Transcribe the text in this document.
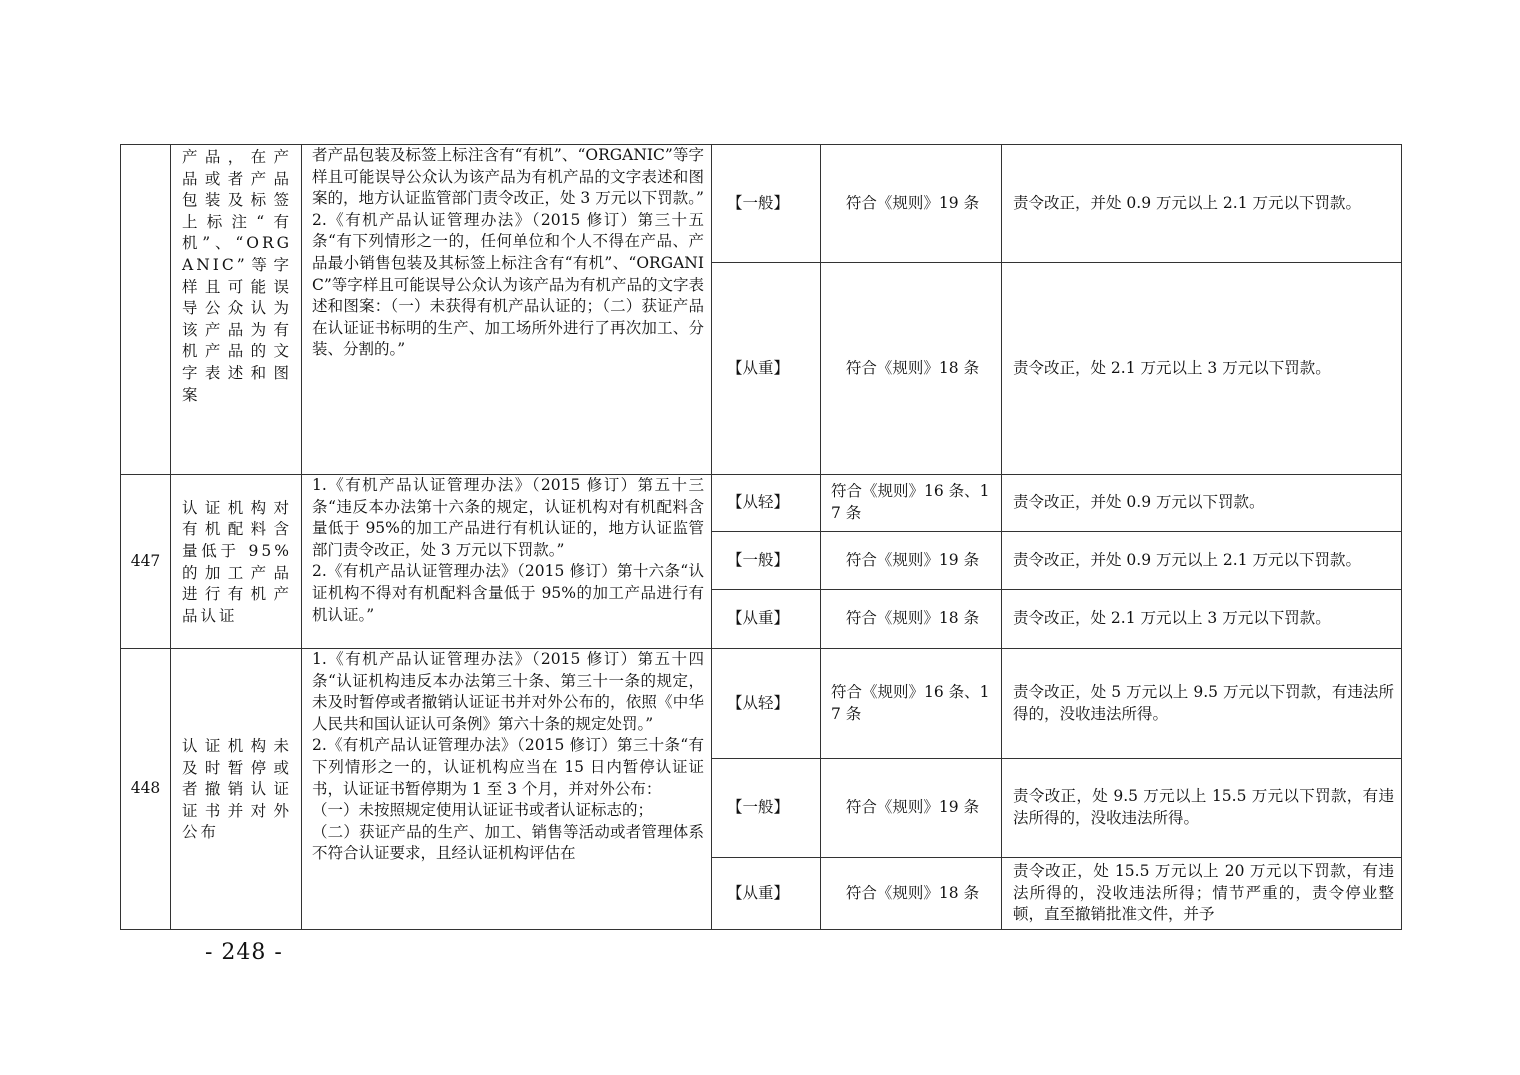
	产品，在产品或者产品包装及标签上标注“有机”、“ORGANIC”等字样且可能误导公众认为该产品为有机产品的文字表述和图案	者产品包装及标签上标注含有“有机”、“ORGANIC”等字样且可能误导公众认为该产品为有机产品的文字表述和图案的，地方认证监管部门责令改正，处 3 万元以下罚款。”
2.《有机产品认证管理办法》（2015 修订）第三十五条“有下列情形之一的，任何单位和个人不得在产品、产品最小销售包装及其标签上标注含有“有机”、“ORGANIC”等字样且可能误导公众认为该产品为有机产品的文字表述和图案：（一）未获得有机产品认证的；（二）获证产品在认证证书标明的生产、加工场所外进行了再次加工、分装、分割的。”	【一般】	符合《规则》19 条	责令改正，并处 0.9 万元以上 2.1 万元以下罚款。
			【从重】	符合《规则》18 条	责令改正，处 2.1 万元以上 3 万元以下罚款。
447	认证机构对有机配料含量低于 95%的加工产品进行有机产品认证	1.《有机产品认证管理办法》（2015 修订）第五十三条“违反本办法第十六条的规定，认证机构对有机配料含量低于 95%的加工产品进行有机认证的，地方认证监管部门责令改正，处 3 万元以下罚款。”
2.《有机产品认证管理办法》（2015 修订）第十六条“认证机构不得对有机配料含量低于 95%的加工产品进行有机认证。”	【从轻】	符合《规则》16 条、17 条	责令改正，并处 0.9 万元以下罚款。
			【一般】	符合《规则》19 条	责令改正，并处 0.9 万元以上 2.1 万元以下罚款。
			【从重】	符合《规则》18 条	责令改正，处 2.1 万元以上 3 万元以下罚款。
448	认证机构未及时暂停或者撤销认证证书并对外公布	1.《有机产品认证管理办法》（2015 修订）第五十四条“认证机构违反本办法第三十条、第三十一条的规定，未及时暂停或者撤销认证证书并对外公布的，依照《中华人民共和国认证认可条例》第六十条的规定处罚。”
2.《有机产品认证管理办法》（2015 修订）第三十条“有下列情形之一的，认证机构应当在 15 日内暂停认证证书，认证证书暂停期为 1 至 3 个月，并对外公布：
（一）未按照规定使用认证证书或者认证标志的；
（二）获证产品的生产、加工、销售等活动或者管理体系不符合认证要求，且经认证机构评估在	【从轻】	符合《规则》16 条、17 条	责令改正，处 5 万元以上 9.5 万元以下罚款，有违法所得的，没收违法所得。
			【一般】	符合《规则》19 条	责令改正，处 9.5 万元以上 15.5 万元以下罚款，有违法所得的，没收违法所得。
			【从重】	符合《规则》18 条	责令改正，处 15.5 万元以上 20 万元以下罚款，有违法所得的，没收违法所得；情节严重的，责令停业整顿，直至撤销批准文件，并予
- 248 -
